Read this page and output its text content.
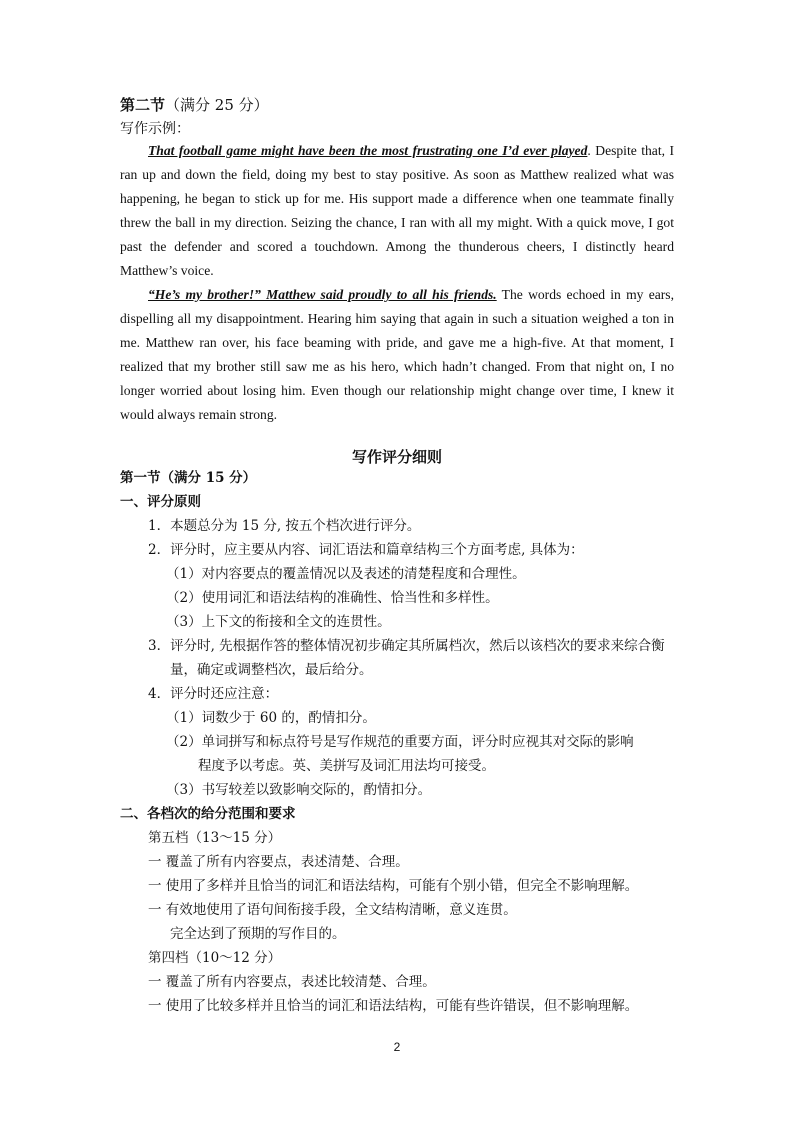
第二节（满分 25 分）
写作示例：
That football game might have been the most frustrating one I’d ever played. Despite that, I ran up and down the field, doing my best to stay positive. As soon as Matthew realized what was happening, he began to stick up for me. His support made a difference when one teammate finally threw the ball in my direction. Seizing the chance, I ran with all my might. With a quick move, I got past the defender and scored a touchdown. Among the thunderous cheers, I distinctly heard Matthew’s voice.
“He’s my brother!” Matthew said proudly to all his friends. The words echoed in my ears, dispelling all my disappointment. Hearing him saying that again in such a situation weighed a ton in me. Matthew ran over, his face beaming with pride, and gave me a high-five. At that moment, I realized that my brother still saw me as his hero, which hadn’t changed. From that night on, I no longer worried about losing him. Even though our relationship might change over time, I knew it would always remain strong.
写作评分细则
第一节（满分 15 分）
一、评分原则
1．本题总分为 15 分, 按五个档次进行评分。
2．评分时，应主要从内容、词汇语法和篇章结构三个方面考虑, 具体为：
（1）对内容要点的覆盖情况以及表述的清楚程度和合理性。
（2）使用词汇和语法结构的准确性、恰当性和多样性。
（3）上下文的衔接和全文的连贯性。
3．评分时, 先根据作答的整体情况初步确定其所属档次，然后以该档次的要求来综合衡
量，确定或调整档次，最后给分。
4．评分时还应注意：
（1）词数少于 60 的，酌情扣分。
（2）单词拼写和标点符号是写作规范的重要方面，评分时应视其对交际的影响
程度予以考虑。英、美拼写及词汇用法均可接受。
（3）书写较差以致影响交际的，酌情扣分。
二、各档次的给分范围和要求
第五档（13～15 分）
一 覆盖了所有内容要点，表述清楚、合理。
一 使用了多样并且恰当的词汇和语法结构，可能有个别小错，但完全不影响理解。
一 有效地使用了语句间衔接手段，全文结构清晰，意义连贯。
完全达到了预期的写作目的。
第四档（10～12 分）
一 覆盖了所有内容要点，表述比较清楚、合理。
一 使用了比较多样并且恰当的词汇和语法结构，可能有些许错误，但不影响理解。
2
